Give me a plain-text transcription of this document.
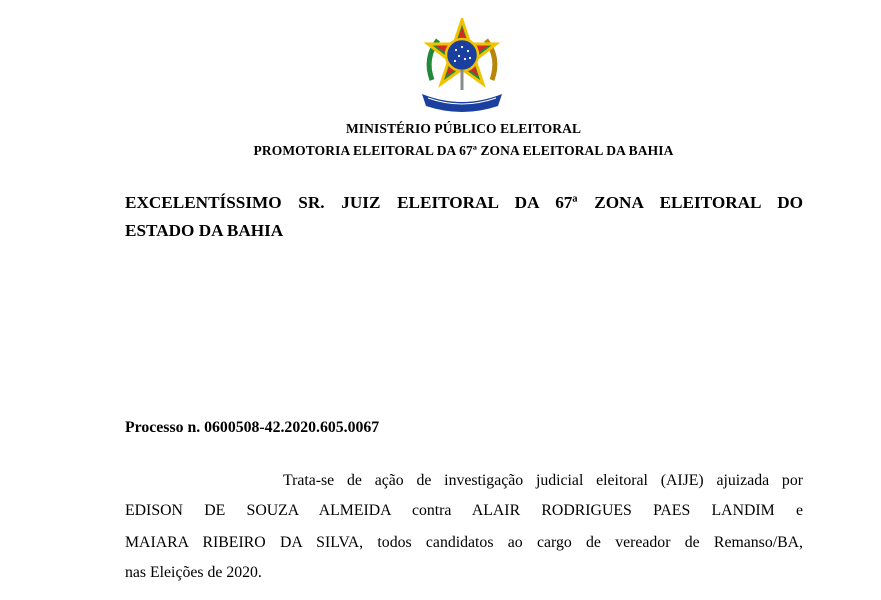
MINISTÉRIO PÚBLICO ELEITORAL
PROMOTORIA ELEITORAL DA 67ª ZONA ELEITORAL DA BAHIA
EXCELENTÍSSIMO SR. JUIZ ELEITORAL DA 67ª ZONA ELEITORAL DO
ESTADO DA BAHIA
Processo n. 0600508-42.2020.605.0067
Trata-se de ação de investigação judicial eleitoral (AIJE) ajuizada por
EDISON DE SOUZA ALMEIDA contra ALAIR RODRIGUES PAES LANDIM e
MAIARA RIBEIRO DA SILVA, todos candidatos ao cargo de vereador de Remanso/BA,
nas Eleições de 2020.
